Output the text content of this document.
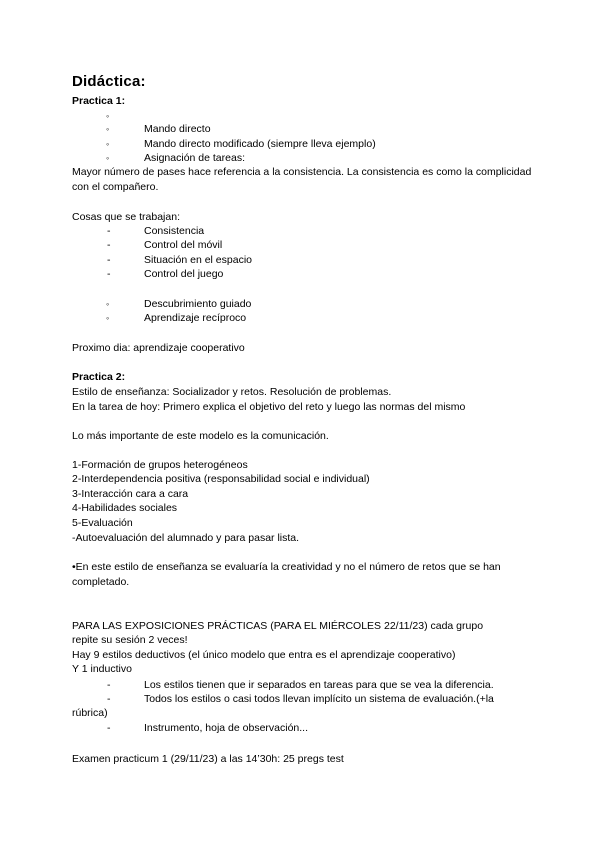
Didáctica:
Practica 1:
◦
◦	Mando directo
◦	Mando directo modificado (siempre lleva ejemplo)
◦	Asignación de tareas:
Mayor número de pases hace referencia a la consistencia. La consistencia es como la complicidad con el compañero.
Cosas que se trabajan:
-	Consistencia
-	Control del móvil
-	Situación en el espacio
-	Control del juego
◦	Descubrimiento guiado
◦	Aprendizaje recíproco
Proximo dia: aprendizaje cooperativo
Practica 2:
Estilo de enseñanza: Socializador y retos. Resolución de problemas.
En la tarea de hoy: Primero explica el objetivo del reto y luego las normas del mismo
Lo más importante de este modelo es la comunicación.
1-Formación de grupos heterogéneos
2-Interdependencia positiva (responsabilidad social e individual)
3-Interacción cara a cara
4-Habilidades sociales
5-Evaluación
-Autoevaluación del alumnado y para pasar lista.
•En este estilo de enseñanza se evaluaría la creatividad y no el número de retos que se han completado.
PARA LAS EXPOSICIONES PRÁCTICAS (PARA EL MIÉRCOLES 22/11/23) cada grupo
repite su sesión 2 veces!
Hay 9 estilos deductivos (el único modelo que entra es el aprendizaje cooperativo)
Y 1 inductivo
-	Los estilos tienen que ir separados en tareas para que se vea la diferencia.
-	Todos los estilos o casi todos llevan implícito un sistema de evaluación.(+la
rúbrica)
-	Instrumento, hoja de observación...
Examen practicum 1 (29/11/23) a las 14’30h: 25 pregs test
